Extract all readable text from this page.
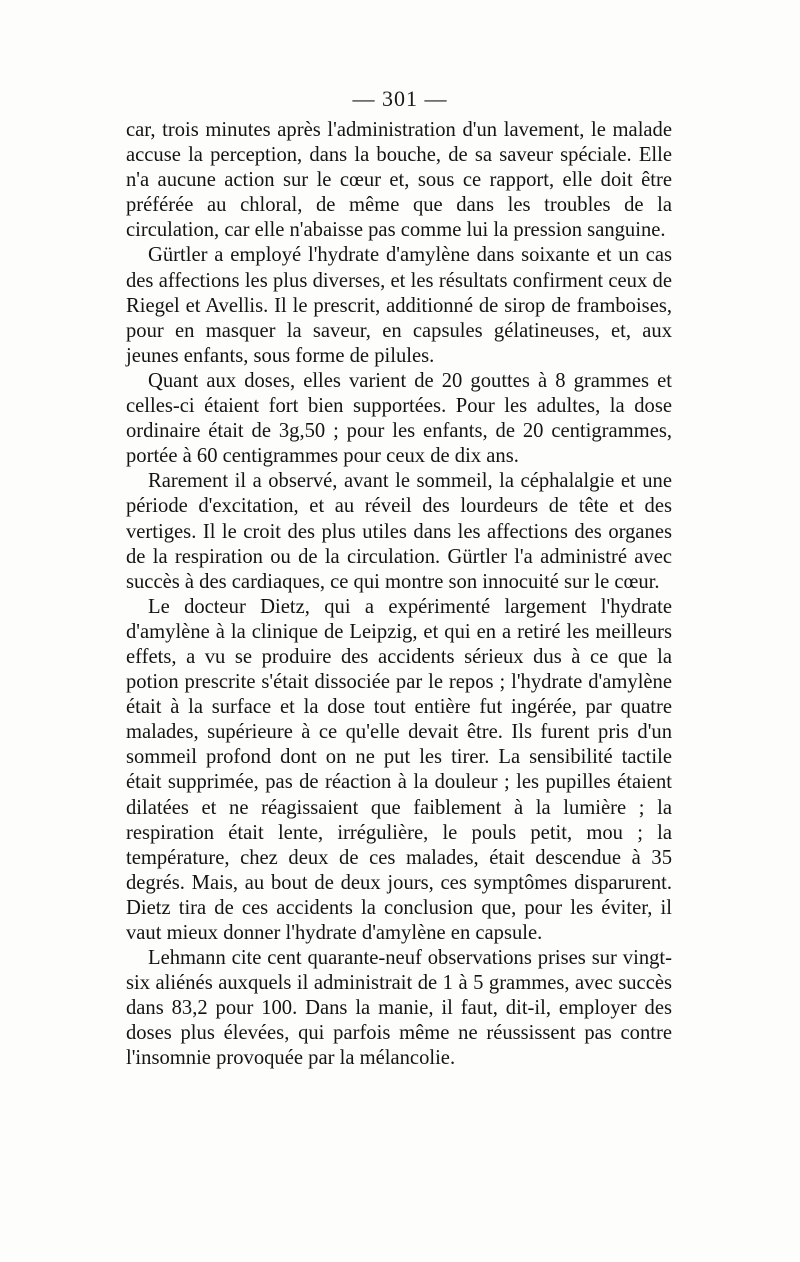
— 301 —

car, trois minutes après l'administration d'un lavement, le malade accuse la perception, dans la bouche, de sa saveur spéciale. Elle n'a aucune action sur le cœur et, sous ce rapport, elle doit être préférée au chloral, de même que dans les troubles de la circulation, car elle n'abaisse pas comme lui la pression sanguine.

Gürtler a employé l'hydrate d'amylène dans soixante et un cas des affections les plus diverses, et les résultats confirment ceux de Riegel et Avellis. Il le prescrit, additionné de sirop de framboises, pour en masquer la saveur, en capsules gélatineuses, et, aux jeunes enfants, sous forme de pilules.

Quant aux doses, elles varient de 20 gouttes à 8 grammes et celles-ci étaient fort bien supportées. Pour les adultes, la dose ordinaire était de 3g,50 ; pour les enfants, de 20 centigrammes, portée à 60 centigrammes pour ceux de dix ans.

Rarement il a observé, avant le sommeil, la céphalalgie et une période d'excitation, et au réveil des lourdeurs de tête et des vertiges. Il le croit des plus utiles dans les affections des organes de la respiration ou de la circulation. Gürtler l'a administré avec succès à des cardiaques, ce qui montre son innocuité sur le cœur.

Le docteur Dietz, qui a expérimenté largement l'hydrate d'amylène à la clinique de Leipzig, et qui en a retiré les meilleurs effets, a vu se produire des accidents sérieux dus à ce que la potion prescrite s'était dissociée par le repos ; l'hydrate d'amylène était à la surface et la dose tout entière fut ingérée, par quatre malades, supérieure à ce qu'elle devait être. Ils furent pris d'un sommeil profond dont on ne put les tirer. La sensibilité tactile était supprimée, pas de réaction à la douleur ; les pupilles étaient dilatées et ne réagissaient que faiblement à la lumière ; la respiration était lente, irrégulière, le pouls petit, mou ; la température, chez deux de ces malades, était descendue à 35 degrés. Mais, au bout de deux jours, ces symptômes disparurent. Dietz tira de ces accidents la conclusion que, pour les éviter, il vaut mieux donner l'hydrate d'amylène en capsule.

Lehmann cite cent quarante-neuf observations prises sur vingt-six aliénés auxquels il administrait de 1 à 5 grammes, avec succès dans 83,2 pour 100. Dans la manie, il faut, dit-il, employer des doses plus élevées, qui parfois même ne réussissent pas contre l'insomnie provoquée par la mélancolie.
